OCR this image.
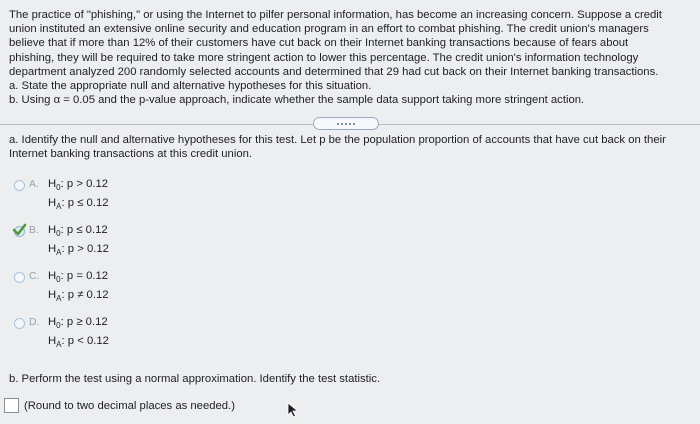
The practice of "phishing," or using the Internet to pilfer personal information, has become an increasing concern. Suppose a credit

union instituted an extensive online security and education program in an effort to combat phishing. The credit union's managers

believe that if more than 12% of their customers have cut back on their Internet banking transactions because of fears about

phishing, they will be required to take more stringent action to lower this percentage. The credit union's information technology

department analyzed 200 randomly selected accounts and determined that 29 had cut back on their Internet banking transactions.

a. State the appropriate null and alternative hypotheses for this situation.

b. Using α = 0.05 and the p-value approach, indicate whether the sample data support taking more stringent action.

a. Identify the null and alternative hypotheses for this test. Let p be the population proportion of accounts that have cut back on their
Internet banking transactions at this credit union.
A. $H_0$: p > 0.12
$H_A$: p ≤ 0.12
B. $H_0$: p ≤ 0.12
$H_A$: p > 0.12
C. $H_0$: p = 0.12
$H_A$: p ≠ 0.12
D. $H_0$: p ≥ 0.12
$H_A$: p < 0.12
b. Perform the test using a normal approximation. Identify the test statistic.
(Round to two decimal places as needed.)
